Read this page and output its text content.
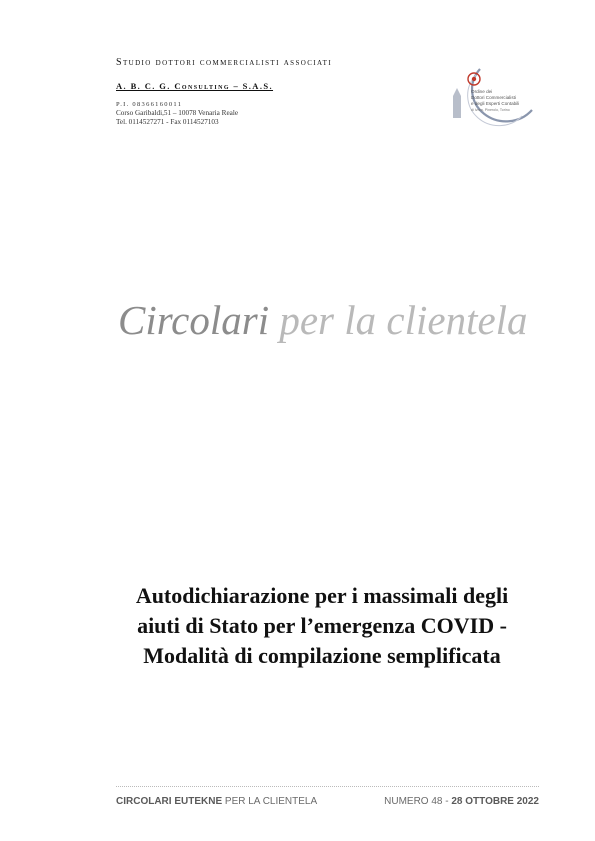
Studio dottori commercialisti associati
A. B. C. G. Consulting – S.A.S.
P.I. 08366160011
Corso Garibaldi,51 – 10078 Venaria Reale
Tel. 0114527271 - Fax 0114527103
Ordine dei
Dottori Commercialisti
e degli Esperti Contabili
di Ivrea, Pinerolo, Torino
Circolari per la clientela
Autodichiarazione per i massimali degli
aiuti di Stato per l’emergenza COVID -
Modalità di compilazione semplificata
CIRCOLARI EUTEKNE PER LA CLIENTELA	NUMERO 48 - 28 OTTOBRE 2022
